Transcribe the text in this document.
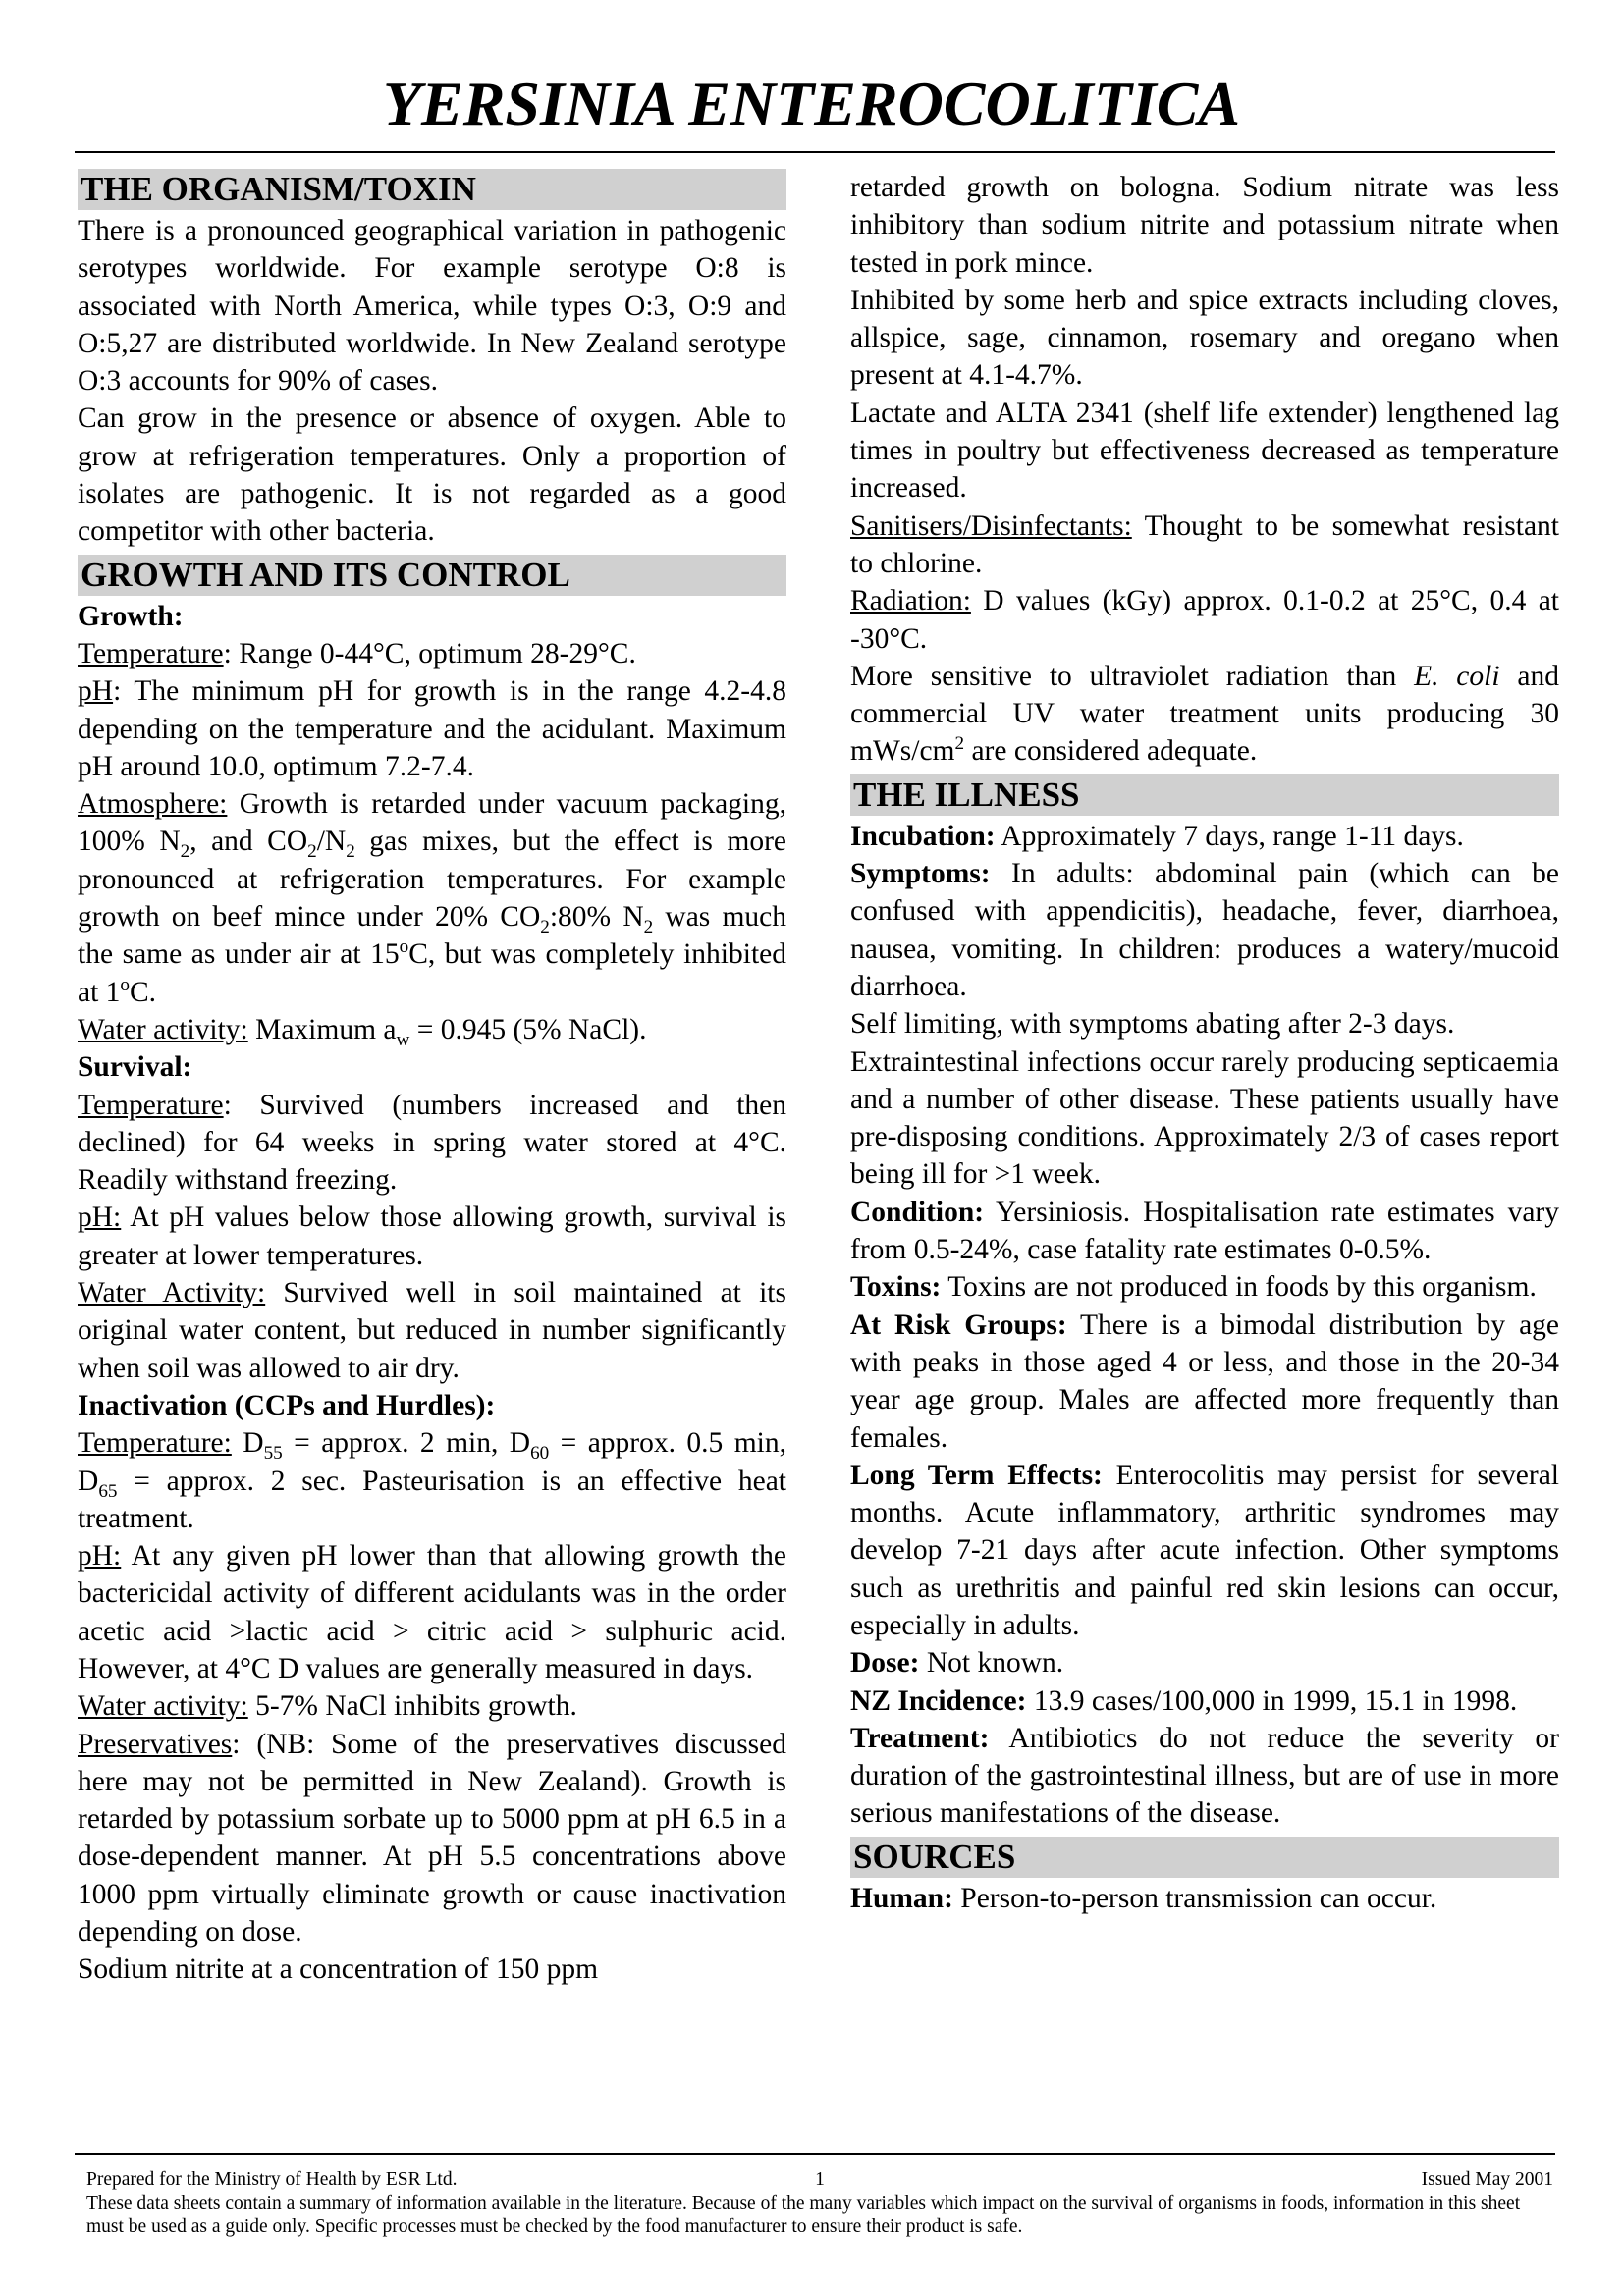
YERSINIA ENTEROCOLITICA
THE ORGANISM/TOXIN

There is a pronounced geographical variation in pathogenic serotypes worldwide. For example serotype O:8 is associated with North America, while types O:3, O:9 and O:5,27 are distributed worldwide. In New Zealand serotype O:3 accounts for 90% of cases.

Can grow in the presence or absence of oxygen. Able to grow at refrigeration temperatures. Only a proportion of isolates are pathogenic. It is not regarded as a good competitor with other bacteria.

GROWTH AND ITS CONTROL

Growth:

Temperature: Range 0-44°C, optimum 28-29°C.

pH: The minimum pH for growth is in the range 4.2-4.8 depending on the temperature and the acidulant. Maximum pH around 10.0, optimum 7.2-7.4.

Atmosphere: Growth is retarded under vacuum packaging, 100% $N_2$, and $CO_2/N_2$ gas mixes, but the effect is more pronounced at refrigeration temperatures. For example growth on beef mince under 20% $CO_2:80\%$ $N_2$ was much the same as under air at 15$^o$C, but was completely inhibited at 1$^o$C.

Water activity: Maximum $a_w = 0.945$ (5% NaCl).

Survival:

Temperature: Survived (numbers increased and then declined) for 64 weeks in spring water stored at 4°C. Readily withstand freezing.

pH: At pH values below those allowing growth, survival is greater at lower temperatures.

Water Activity: Survived well in soil maintained at its original water content, but reduced in number significantly when soil was allowed to air dry.

Inactivation (CCPs and Hurdles):

Temperature: $D_{55}$ = approx. 2 min, $D_{60}$ = approx. 0.5 min, $D_{65}$ = approx. 2 sec. Pasteurisation is an effective heat treatment.

pH: At any given pH lower than that allowing growth the bactericidal activity of different acidulants was in the order acetic acid >lactic acid > citric acid > sulphuric acid. However, at 4°C D values are generally measured in days.

Water activity: 5-7% NaCl inhibits growth.

Preservatives: (NB: Some of the preservatives discussed here may not be permitted in New Zealand). Growth is retarded by potassium sorbate up to 5000 ppm at pH 6.5 in a dose-dependent manner. At pH 5.5 concentrations above 1000 ppm virtually eliminate growth or cause inactivation depending on dose.

Sodium nitrite at a concentration of 150 ppm

retarded growth on bologna. Sodium nitrate was less inhibitory than sodium nitrite and potassium nitrate when tested in pork mince.

Inhibited by some herb and spice extracts including cloves, allspice, sage, cinnamon, rosemary and oregano when present at 4.1-4.7%.

Lactate and ALTA 2341 (shelf life extender) lengthened lag times in poultry but effectiveness decreased as temperature increased.

Sanitisers/Disinfectants: Thought to be somewhat resistant to chlorine.

Radiation: D values (kGy) approx. 0.1-0.2 at 25°C, 0.4 at -30°C.

More sensitive to ultraviolet radiation than E. coli and commercial UV water treatment units producing 30 mWs/$cm^2$ are considered adequate.

THE ILLNESS

Incubation: Approximately 7 days, range 1-11 days.

Symptoms: In adults: abdominal pain (which can be confused with appendicitis), headache, fever, diarrhoea, nausea, vomiting. In children: produces a watery/mucoid diarrhoea.

Self limiting, with symptoms abating after 2-3 days.

Extraintestinal infections occur rarely producing septicaemia and a number of other disease. These patients usually have pre-disposing conditions. Approximately 2/3 of cases report being ill for >1 week.

Condition: Yersiniosis. Hospitalisation rate estimates vary from 0.5-24%, case fatality rate estimates 0-0.5%.

Toxins: Toxins are not produced in foods by this organism.

At Risk Groups: There is a bimodal distribution by age with peaks in those aged 4 or less, and those in the 20-34 year age group. Males are affected more frequently than females.

Long Term Effects: Enterocolitis may persist for several months. Acute inflammatory, arthritic syndromes may develop 7-21 days after acute infection. Other symptoms such as urethritis and painful red skin lesions can occur, especially in adults.

Dose: Not known.

NZ Incidence: 13.9 cases/100,000 in 1999, 15.1 in 1998.

Treatment: Antibiotics do not reduce the severity or duration of the gastrointestinal illness, but are of use in more serious manifestations of the disease.

SOURCES

Human: Person-to-person transmission can occur.

Prepared for the Ministry of Health by ESR Ltd.	1	Issued May 2001

These data sheets contain a summary of information available in the literature. Because of the many variables which impact on the survival of organisms in foods, information in this sheet must be used as a guide only. Specific processes must be checked by the food manufacturer to ensure their product is safe.
